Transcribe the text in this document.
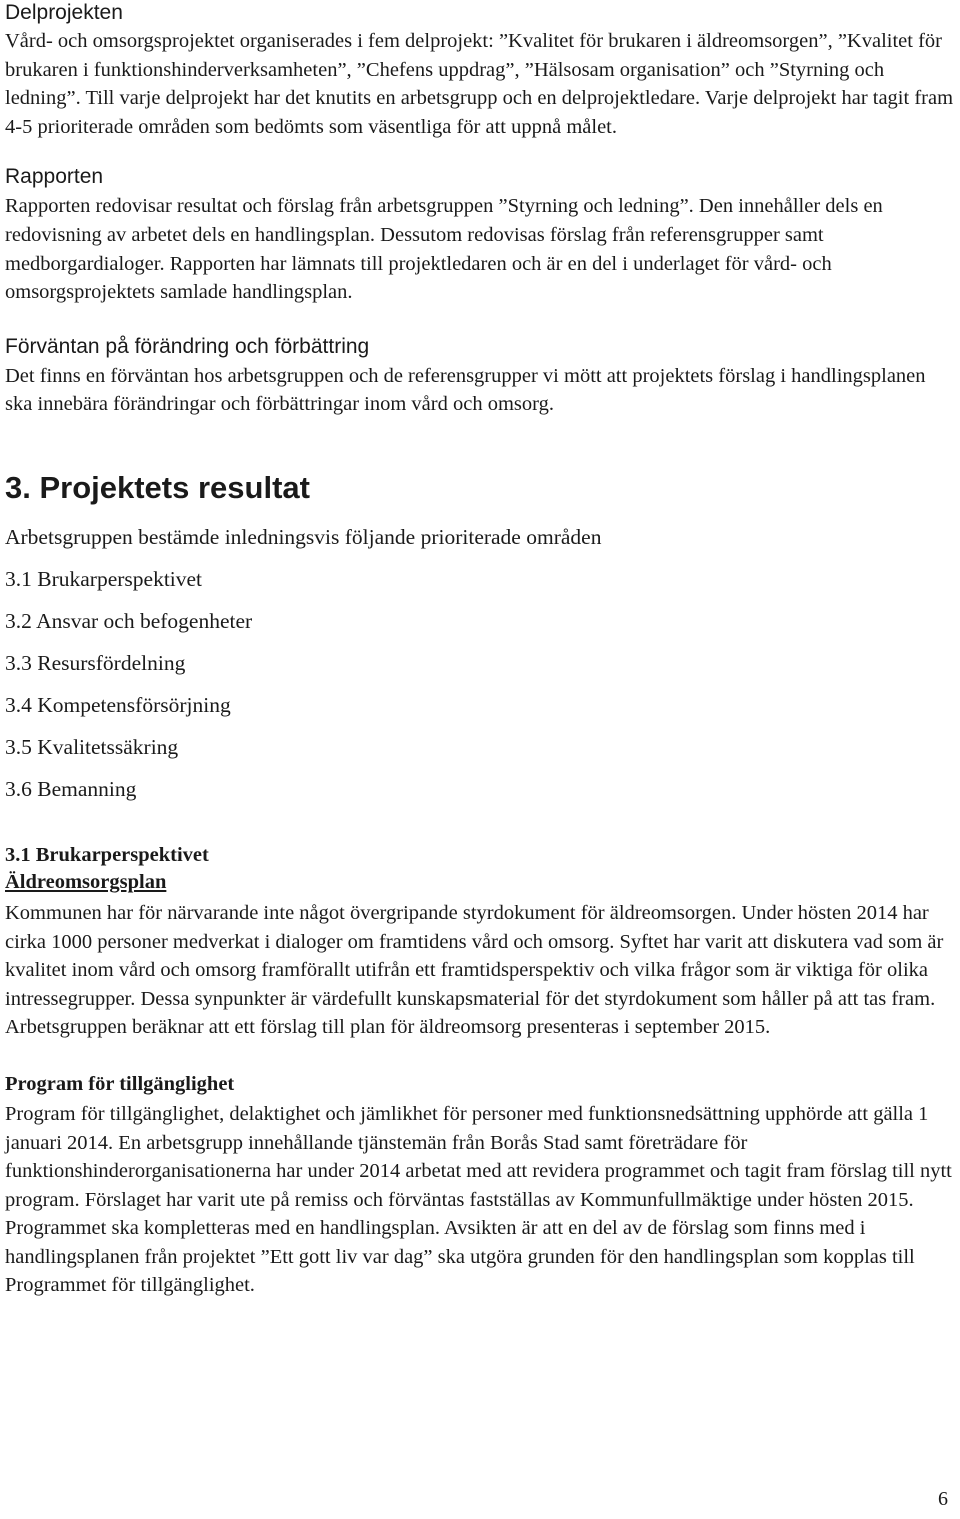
Delprojekten

Vård- och omsorgsprojektet organiserades i fem delprojekt: ”Kvalitet för brukaren i äldreomsorgen”, ”Kvalitet för brukaren i funktionshinderverksamheten”, ”Chefens uppdrag”, ”Hälsosam organisation” och ”Styrning och ledning”. Till varje delprojekt har det knutits en arbetsgrupp och en delprojektledare. Varje delprojekt har tagit fram 4-5 prioriterade områden som bedömts som väsentliga för att uppnå målet.

Rapporten

Rapporten redovisar resultat och förslag från arbetsgruppen ”Styrning och ledning”. Den innehåller dels en redovisning av arbetet dels en handlingsplan. Dessutom redovisas förslag från referensgrupper samt medborgardialoger. Rapporten har lämnats till projektledaren och är en del i underlaget för vård- och omsorgsprojektets samlade handlingsplan.

Förväntan på förändring och förbättring

Det finns en förväntan hos arbetsgruppen och de referensgrupper vi mött att projektets förslag i handlingsplanen ska innebära förändringar och förbättringar inom vård och omsorg.

3. Projektets resultat

Arbetsgruppen bestämde inledningsvis följande prioriterade områden

3.1 Brukarperspektivet

3.2 Ansvar och befogenheter

3.3 Resursfördelning

3.4 Kompetensförsörjning

3.5 Kvalitetssäkring

3.6 Bemanning

3.1 Brukarperspektivet
Äldreomsorgsplan

Kommunen har för närvarande inte något övergripande styrdokument för äldreomsorgen. Under hösten 2014 har cirka 1000 personer medverkat i dialoger om framtidens vård och omsorg. Syftet har varit att diskutera vad som är kvalitet inom vård och omsorg framförallt utifrån ett framtidsperspektiv och vilka frågor som är viktiga för olika intressegrupper. Dessa synpunkter är värdefullt kunskapsmaterial för det styrdokument som håller på att tas fram. Arbetsgruppen beräknar att ett förslag till plan för äldreomsorg presenteras i september 2015.

Program för tillgänglighet

Program för tillgänglighet, delaktighet och jämlikhet för personer med funktionsnedsättning upphörde att gälla 1 januari 2014. En arbetsgrupp innehållande tjänstemän från Borås Stad samt företrädare för funktionshinderorganisationerna har under 2014 arbetat med att revidera programmet och tagit fram förslag till nytt program. Förslaget har varit ute på remiss och förväntas fastställas av Kommunfullmäktige under hösten 2015. Programmet ska kompletteras med en handlingsplan. Avsikten är att en del av de förslag som finns med i handlingsplanen från projektet ”Ett gott liv var dag” ska utgöra grunden för den handlingsplan som kopplas till Programmet för tillgänglighet.

6
